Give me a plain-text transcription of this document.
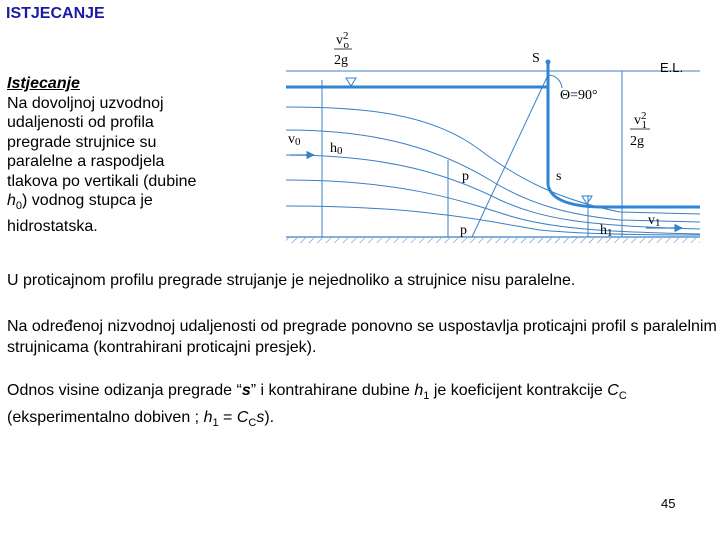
ISTJECANJE
Istjecanje
Na dovoljnoj uzvodnoj udaljenosti od profila pregrade strujnice su paralelne a raspodjela tlakova po vertikali (dubine $h_0$) vodnog stupca je hidrostatska.
$v^2$ o
2g	S
E.L.
Θ=90°
$v^2$ 1
2g
v0 h0
p
p
s
h1
v1
U proticajnom profilu pregrade strujanje je nejednoliko a strujnice nisu paralelne.
Na određenoj nizvodnoj udaljenosti od pregrade ponovno se uspostavlja proticajni profil s paralelnim strujnicama (kontrahirani proticajni presjek).
Odnos visine odizanja pregrade “s” i kontrahirane dubine $h_1$ je koeficijent kontrakcije $C_C$ (eksperimentalno dobiven ; $h_1 = C_Cs$).
45
